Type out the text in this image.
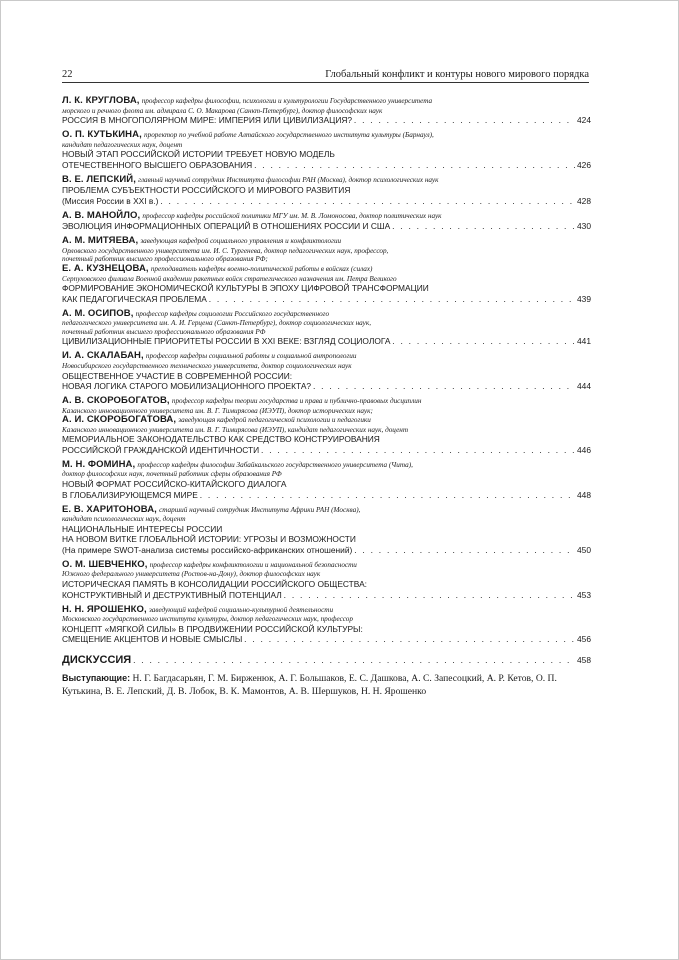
22	Глобальный конфликт и контуры нового мирового порядка
Л. К. КРУГЛОВА, профессор кафедры философии, психологии и культурологии Государственного университета
морского и речного флота им. адмирала С. О. Макарова (Санкт-Петербург), доктор философских наук
РОССИЯ В МНОГОПОЛЯРНОМ МИРЕ: ИМПЕРИЯ ИЛИ ЦИВИЛИЗАЦИЯ? . . .	424
О. П. КУТЬКИНА, проректор по учебной работе Алтайского государственного института культуры (Барнаул),
кандидат педагогических наук, доцент
НОВЫЙ ЭТАП РОССИЙСКОЙ ИСТОРИИ ТРЕБУЕТ НОВУЮ МОДЕЛЬ
ОТЕЧЕСТВЕННОГО ВЫСШЕГО ОБРАЗОВАНИЯ . . .	426
В. Е. ЛЕПСКИЙ, главный научный сотрудник Института философии РАН (Москва), доктор психологических наук
ПРОБЛЕМА СУБЪЕКТНОСТИ РОССИЙСКОГО И МИРОВОГО РАЗВИТИЯ
(Миссия России в XXI в.) . . .	428
А. В. МАНОЙЛО, профессор кафедры российской политики МГУ им. М. В. Ломоносова, доктор политических наук
ЭВОЛЮЦИЯ ИНФОРМАЦИОННЫХ ОПЕРАЦИЙ В ОТНОШЕНИЯХ РОССИИ И США . . .	430
А. М. МИТЯЕВА, заведующая кафедрой социального управления и конфликтологии
Орловского государственного университета им. И. С. Тургенева, доктор педагогических наук, профессор,
почетный работник высшего профессионального образования РФ;
Е. А. КУЗНЕЦОВА, преподаватель кафедры военно-политической работы в войсках (силах)
Серпуховского филиала Военной академии ракетных войск стратегического назначения им. Петра Великого
ФОРМИРОВАНИЕ ЭКОНОМИЧЕСКОЙ КУЛЬТУРЫ В ЭПОХУ ЦИФРОВОЙ ТРАНСФОРМАЦИИ
КАК ПЕДАГОГИЧЕСКАЯ ПРОБЛЕМА . . .	439
А. М. ОСИПОВ, профессор кафедры социологии Российского государственного
педагогического университета им. А. И. Герцена (Санкт-Петербург), доктор социологических наук,
почетный работник высшего профессионального образования РФ
ЦИВИЛИЗАЦИОННЫЕ ПРИОРИТЕТЫ РОССИИ В XXI ВЕКЕ: ВЗГЛЯД СОЦИОЛОГА . . .	441
И. А. СКАЛАБАН, профессор кафедры социальной работы и социальной антропологии
Новосибирского государственного технического университета, доктор социологических наук
ОБЩЕСТВЕННОЕ УЧАСТИЕ В СОВРЕМЕННОЙ РОССИИ:
НОВАЯ ЛОГИКА СТАРОГО МОБИЛИЗАЦИОННОГО ПРОЕКТА? . . .	444
А. В. СКОРОБОГАТОВ, профессор кафедры теории государства и права и публично-правовых дисциплин
Казанского инновационного университета им. В. Г. Тимирясова (ИЭУП), доктор исторических наук;
А. И. СКОРОБОГАТОВА, заведующая кафедрой педагогической психологии и педагогики
Казанского инновационного университета им. В. Г. Тимирясова (ИЭУП), кандидат педагогических наук, доцент
МЕМОРИАЛЬНОЕ ЗАКОНОДАТЕЛЬСТВО КАК СРЕДСТВО КОНСТРУИРОВАНИЯ
РОССИЙСКОЙ ГРАЖДАНСКОЙ ИДЕНТИЧНОСТИ . . .	446
М. Н. ФОМИНА, профессор кафедры философии Забайкальского государственного университета (Чита),
доктор философских наук, почетный работник сферы образования РФ
НОВЫЙ ФОРМАТ РОССИЙСКО-КИТАЙСКОГО ДИАЛОГА
В ГЛОБАЛИЗИРУЮЩЕМСЯ МИРЕ . . .	448
Е. В. ХАРИТОНОВА, старший научный сотрудник Института Африки РАН (Москва),
кандидат психологических наук, доцент
НАЦИОНАЛЬНЫЕ ИНТЕРЕСЫ РОССИИ
НА НОВОМ ВИТКЕ ГЛОБАЛЬНОЙ ИСТОРИИ: УГРОЗЫ И ВОЗМОЖНОСТИ
(На примере SWOT-анализа системы российско-африканских отношений) . . .	450
О. М. ШЕВЧЕНКО, профессор кафедры конфликтологии и национальной безопасности
Южного федерального университета (Ростов-на-Дону), доктор философских наук
ИСТОРИЧЕСКАЯ ПАМЯТЬ В КОНСОЛИДАЦИИ РОССИЙСКОГО ОБЩЕСТВА:
КОНСТРУКТИВНЫЙ И ДЕСТРУКТИВНЫЙ ПОТЕНЦИАЛ . . .	453
Н. Н. ЯРОШЕНКО, заведующий кафедрой социально-культурной деятельности
Московского государственного института культуры, доктор педагогических наук, профессор
КОНЦЕПТ «МЯГКОЙ СИЛЫ» В ПРОДВИЖЕНИИ РОССИЙСКОЙ КУЛЬТУРЫ:
СМЕЩЕНИЕ АКЦЕНТОВ И НОВЫЕ СМЫСЛЫ . . .	456
ДИСКУССИЯ . . .	458
Выступающие: Н. Г. Багдасарьян, Г. М. Бирженюк, А. Г. Большаков, Е. С. Дашкова, А. С. Запесоцкий, А. Р. Кетов, О. П. Кутькина, В. Е. Лепский, Д. В. Лобок, В. К. Мамонтов, А. В. Шершуков, Н. Н. Ярошенко
